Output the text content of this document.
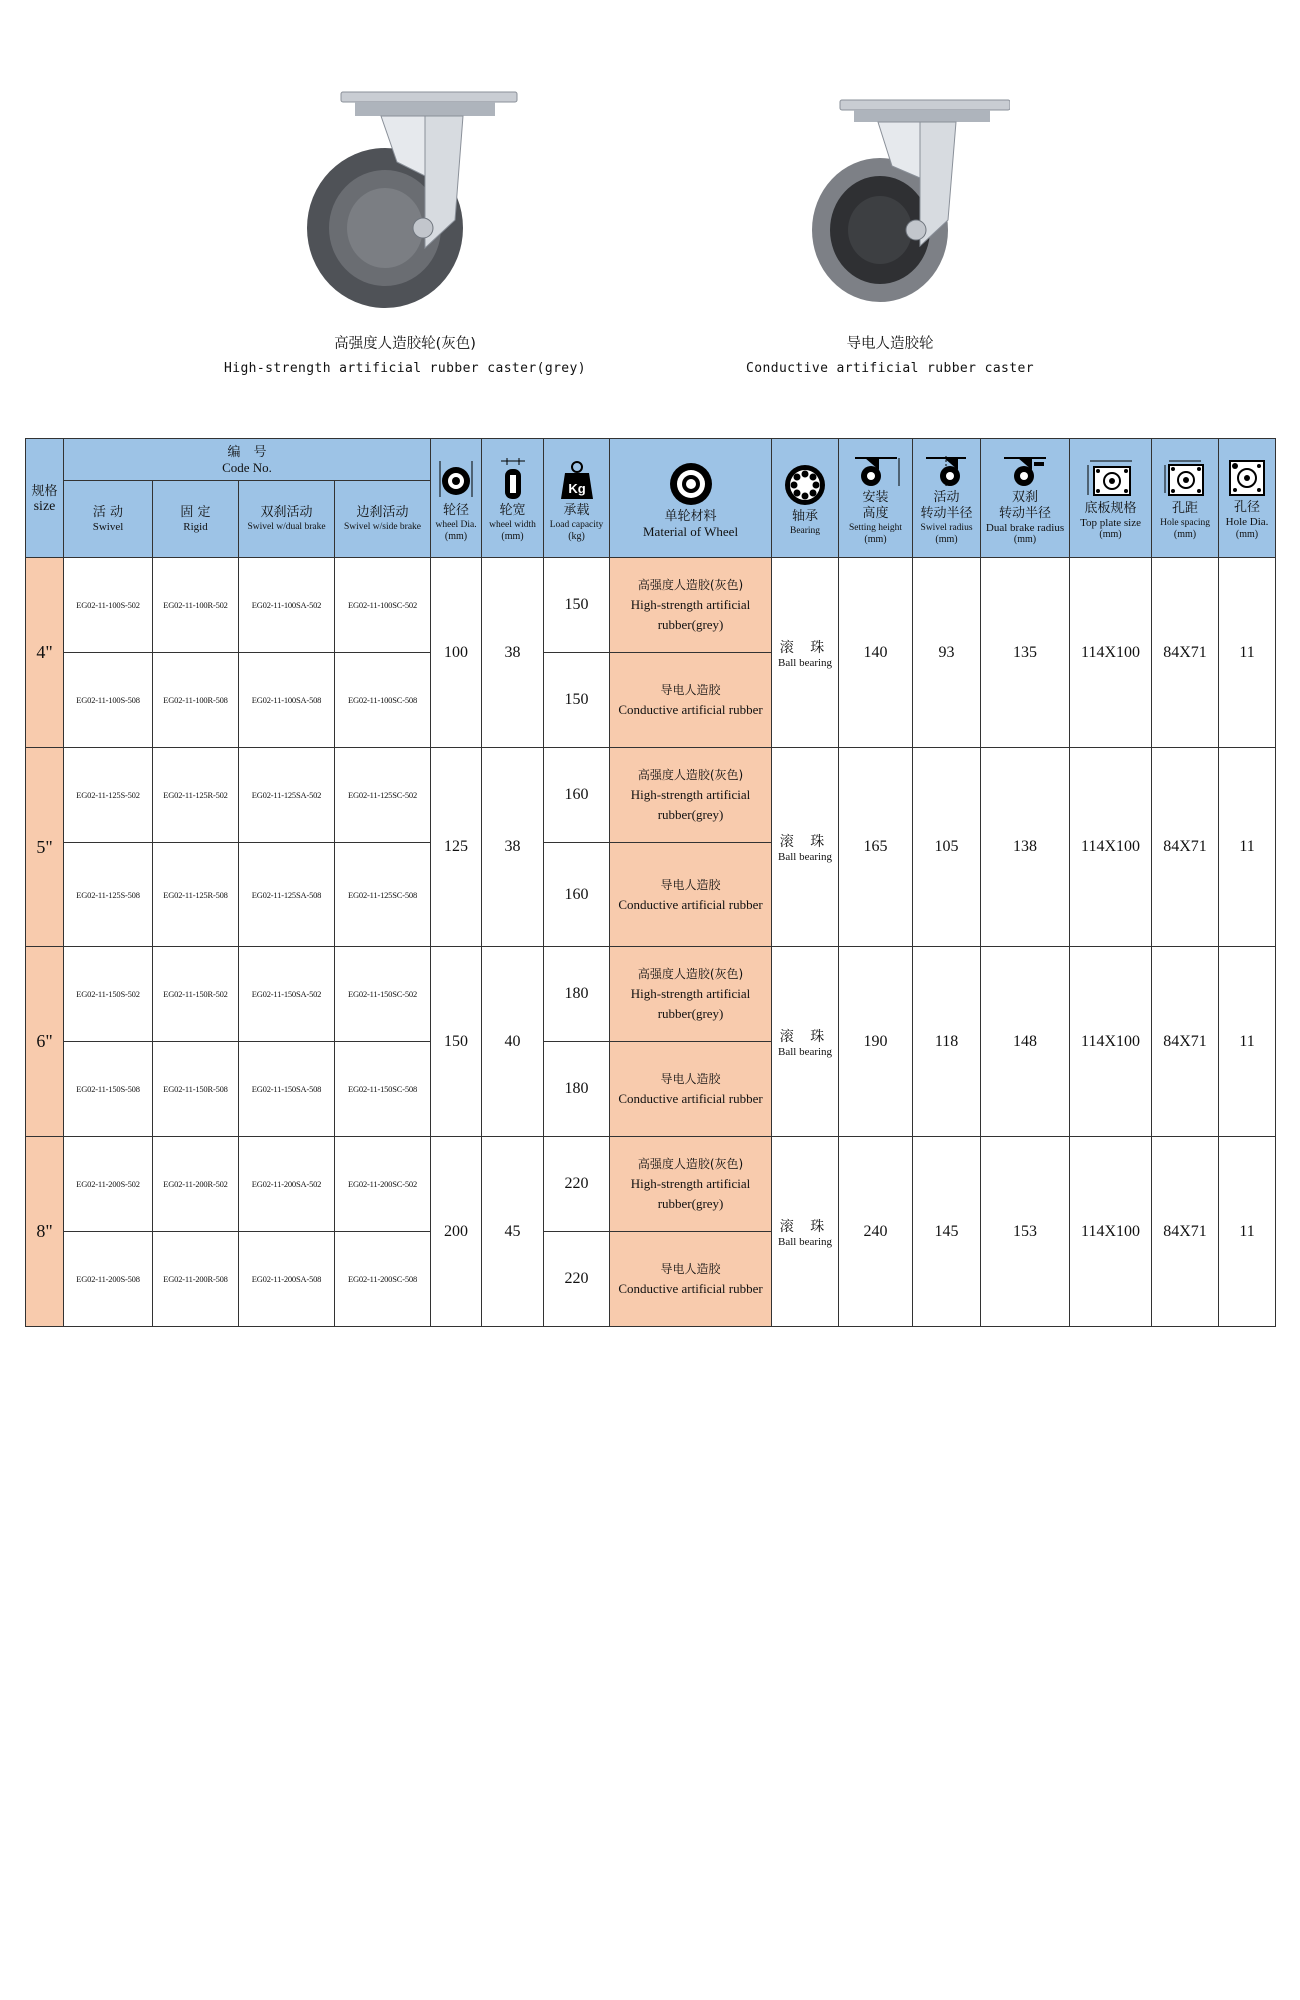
高强度人造胶轮(灰色)
High-strength artificial rubber caster(grey)
导电人造胶轮
Conductive artificial rubber caster
规格
size	编　号
Code No.				轮径
wheel Dia.
(mm)	轮宽
wheel width
(mm)	Kg
承载
Load capacity
(kg)	单轮材料
Material of Wheel	轴承
Bearing	安装
高度
Setting height
(mm)	活动
转动半径
Swivel radius
(mm)	双刹
转动半径
Dual brake radius
(mm)	底板规格
Top plate size
(mm)	孔距
Hole spacing
(mm)	孔径
Hole Dia.
(mm)

	活 动
Swivel	固 定
Rigid	双刹活动
Swivel w/dual brake	边刹活动
Swivel w/side brake											

4"	EG02-11-100S-502	EG02-11-100R-502	EG02-11-100SA-502	EG02-11-100SC-502	100	38	150	高强度人造胶(灰色)
High-strength artificial rubber(grey)	滚 珠
Ball bearing	140	93	135	114X100	84X71	11
	EG02-11-100S-508	EG02-11-100R-508	EG02-11-100SA-508	EG02-11-100SC-508			150	导电人造胶
Conductive artificial rubber							
5"	EG02-11-125S-502	EG02-11-125R-502	EG02-11-125SA-502	EG02-11-125SC-502	125	38	160	高强度人造胶(灰色)
High-strength artificial rubber(grey)	滚 珠
Ball bearing	165	105	138	114X100	84X71	11
	EG02-11-125S-508	EG02-11-125R-508	EG02-11-125SA-508	EG02-11-125SC-508			160	导电人造胶
Conductive artificial rubber							
6"	EG02-11-150S-502	EG02-11-150R-502	EG02-11-150SA-502	EG02-11-150SC-502	150	40	180	高强度人造胶(灰色)
High-strength artificial rubber(grey)	滚 珠
Ball bearing	190	118	148	114X100	84X71	11
	EG02-11-150S-508	EG02-11-150R-508	EG02-11-150SA-508	EG02-11-150SC-508			180	导电人造胶
Conductive artificial rubber							
8"	EG02-11-200S-502	EG02-11-200R-502	EG02-11-200SA-502	EG02-11-200SC-502	200	45	220	高强度人造胶(灰色)
High-strength artificial rubber(grey)	滚 珠
Ball bearing	240	145	153	114X100	84X71	11
	EG02-11-200S-508	EG02-11-200R-508	EG02-11-200SA-508	EG02-11-200SC-508			220	导电人造胶
Conductive artificial rubber							
